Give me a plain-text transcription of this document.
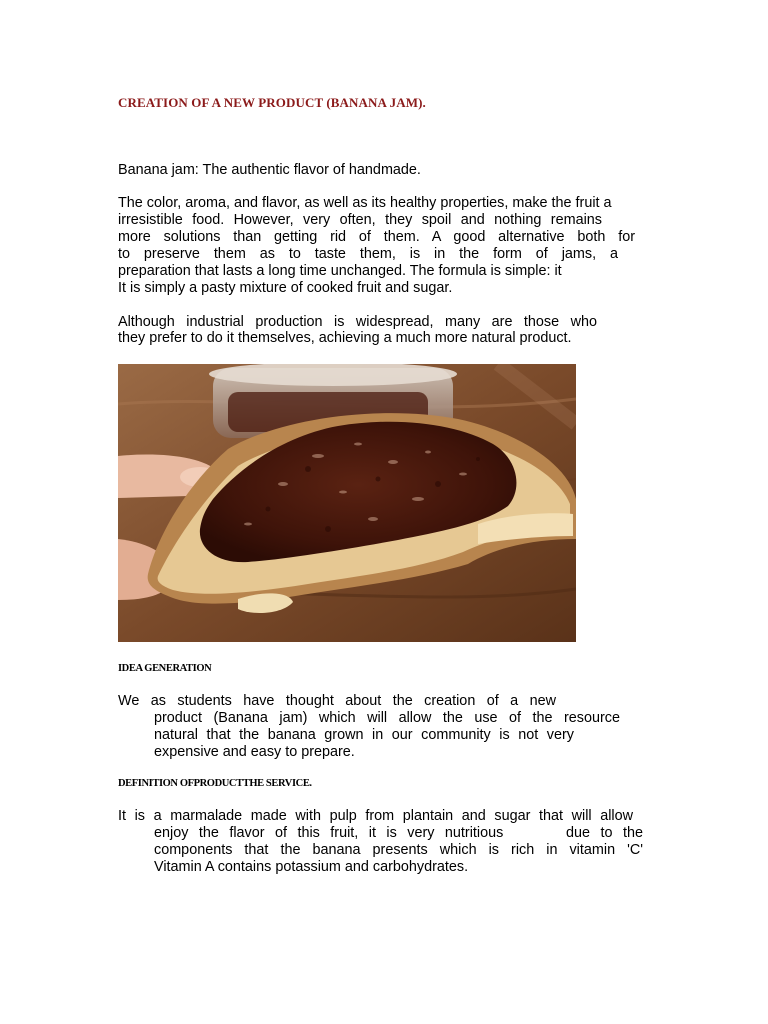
CREATION OF A NEW PRODUCT (BANANA JAM).

Banana jam: The authentic flavor of handmade.

The color, aroma, and flavor, as well as its healthy properties, make the fruit a

irresistible food. However, very often, they spoil and nothing remains

more solutions than getting rid of them. A good alternative both for

to preserve them as to taste them, is in the form of jams, a

preparation that lasts a long time unchanged. The formula is simple: it

It is simply a pasty mixture of cooked fruit and sugar.

Although industrial production is widespread, many are those who

they prefer to do it themselves, achieving a much more natural product.

IDEA GENERATION

We as students have thought about the creation of a new

product (Banana jam) which will allow the use of the resource

natural that the banana grown in our community is not very

expensive and easy to prepare.

DEFINITION OFPRODUCTTHE SERVICE.

It is a marmalade made with pulp from plantain and sugar that will allow

enjoy the flavor of this fruit, it is very nutritious      due to the

components that the banana presents which is rich in vitamin 'C'

Vitamin A contains potassium and carbohydrates.
